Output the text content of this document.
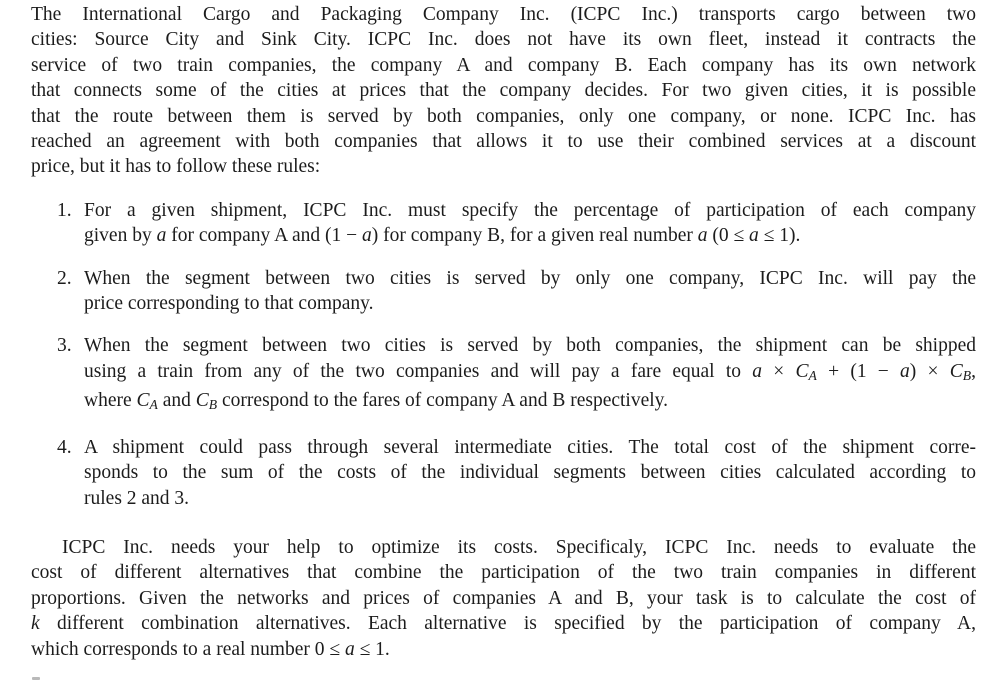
The International Cargo and Packaging Company Inc. (ICPC Inc.) transports cargo between two
cities: Source City and Sink City. ICPC Inc. does not have its own fleet, instead it contracts the
service of two train companies, the company A and company B. Each company has its own network
that connects some of the cities at prices that the company decides. For two given cities, it is possible
that the route between them is served by both companies, only one company, or none. ICPC Inc. has
reached an agreement with both companies that allows it to use their combined services at a discount
price, but it has to follow these rules:
1. For a given shipment, ICPC Inc. must specify the percentage of participation of each company
given by a for company A and (1 − a) for company B, for a given real number a (0 ≤ a ≤ 1).
2. When the segment between two cities is served by only one company, ICPC Inc. will pay the
price corresponding to that company.
3. When the segment between two cities is served by both companies, the shipment can be shipped
using a train from any of the two companies and will pay a fare equal to $a \times C_A + (1 - a) \times C_B$,
where $C_A$ and $C_B$ correspond to the fares of company A and B respectively.
4. A shipment could pass through several intermediate cities. The total cost of the shipment corre-
sponds to the sum of the costs of the individual segments between cities calculated according to
rules 2 and 3.
ICPC Inc. needs your help to optimize its costs. Specificaly, ICPC Inc. needs to evaluate the
cost of different alternatives that combine the participation of the two train companies in different
proportions. Given the networks and prices of companies A and B, your task is to calculate the cost of
k different combination alternatives. Each alternative is specified by the participation of company A,
which corresponds to a real number 0 ≤ a ≤ 1.
